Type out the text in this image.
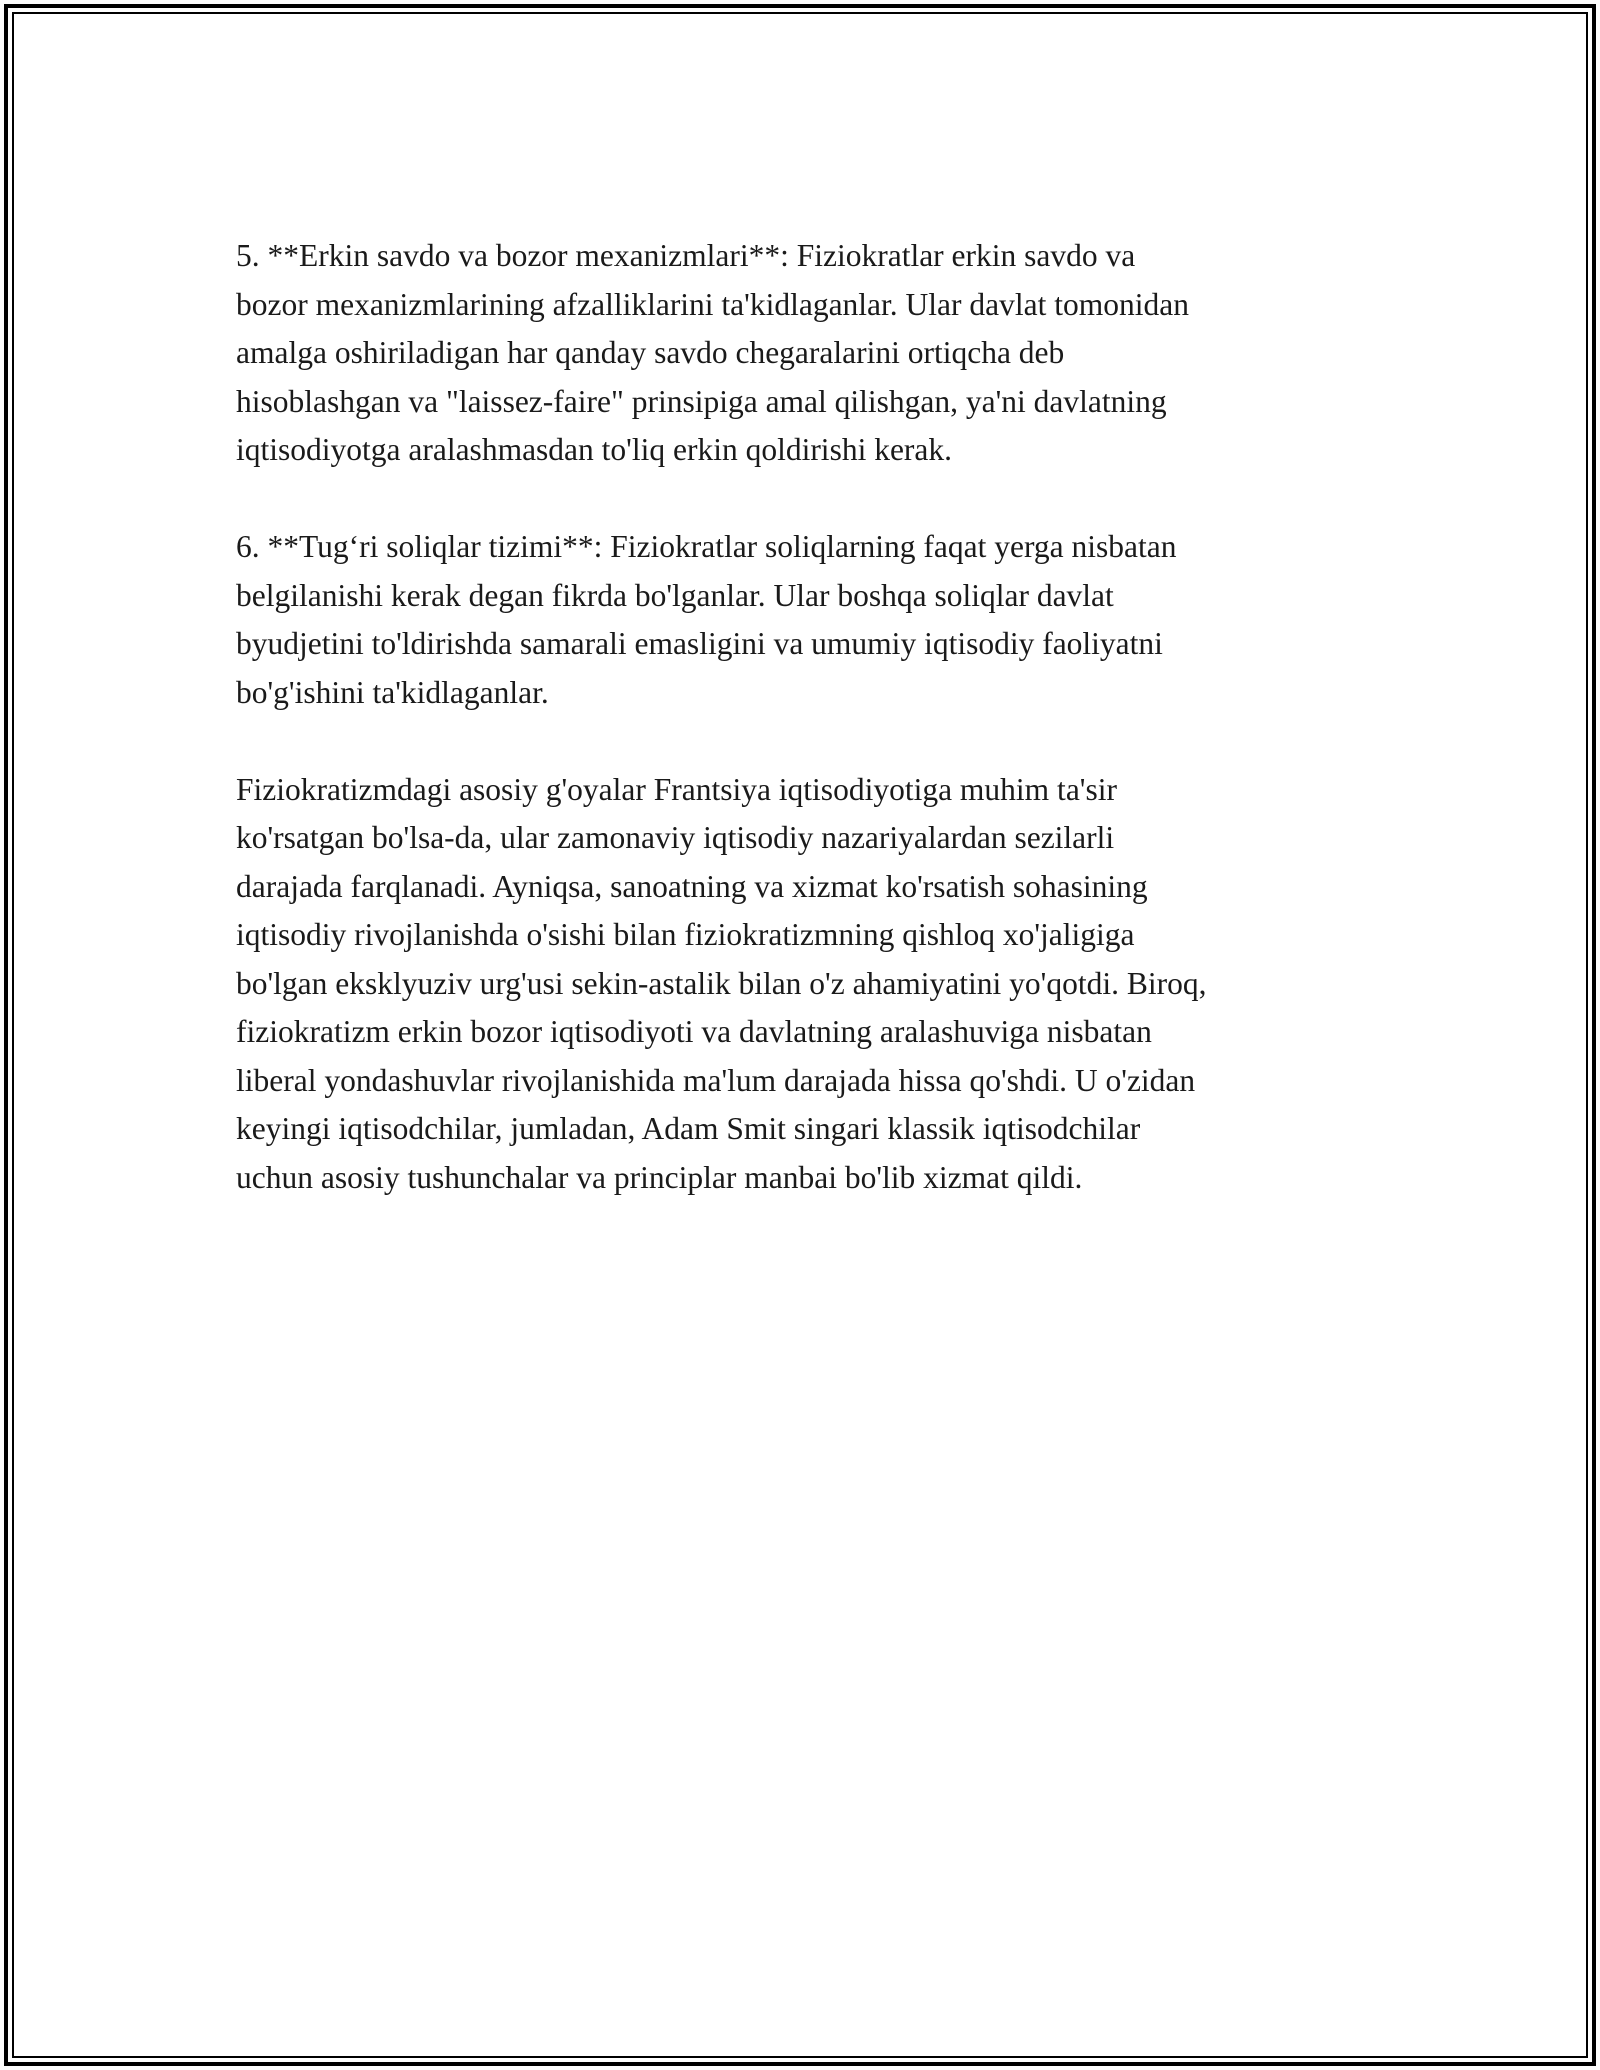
5. **Erkin savdo va bozor mexanizmlari**: Fiziokratlar erkin savdo va
bozor mexanizmlarining afzalliklarini ta'kidlaganlar. Ular davlat tomonidan
amalga oshiriladigan har qanday savdo chegaralarini ortiqcha deb
hisoblashgan va "laissez-faire" prinsipiga amal qilishgan, ya'ni davlatning
iqtisodiyotga aralashmasdan to'liq erkin qoldirishi kerak.

6. **Tug‘ri soliqlar tizimi**: Fiziokratlar soliqlarning faqat yerga nisbatan
belgilanishi kerak degan fikrda bo'lganlar. Ular boshqa soliqlar davlat
byudjetini to'ldirishda samarali emasligini va umumiy iqtisodiy faoliyatni
bo'g'ishini ta'kidlaganlar.

Fiziokratizmdagi asosiy g'oyalar Frantsiya iqtisodiyotiga muhim ta'sir
ko'rsatgan bo'lsa-da, ular zamonaviy iqtisodiy nazariyalardan sezilarli
darajada farqlanadi. Ayniqsa, sanoatning va xizmat ko'rsatish sohasining
iqtisodiy rivojlanishda o'sishi bilan fiziokratizmning qishloq xo'jaligiga
bo'lgan eksklyuziv urg'usi sekin-astalik bilan o'z ahamiyatini yo'qotdi. Biroq,
fiziokratizm erkin bozor iqtisodiyoti va davlatning aralashuviga nisbatan
liberal yondashuvlar rivojlanishida ma'lum darajada hissa qo'shdi. U o'zidan
keyingi iqtisodchilar, jumladan, Adam Smit singari klassik iqtisodchilar
uchun asosiy tushunchalar va principlar manbai bo'lib xizmat qildi.
